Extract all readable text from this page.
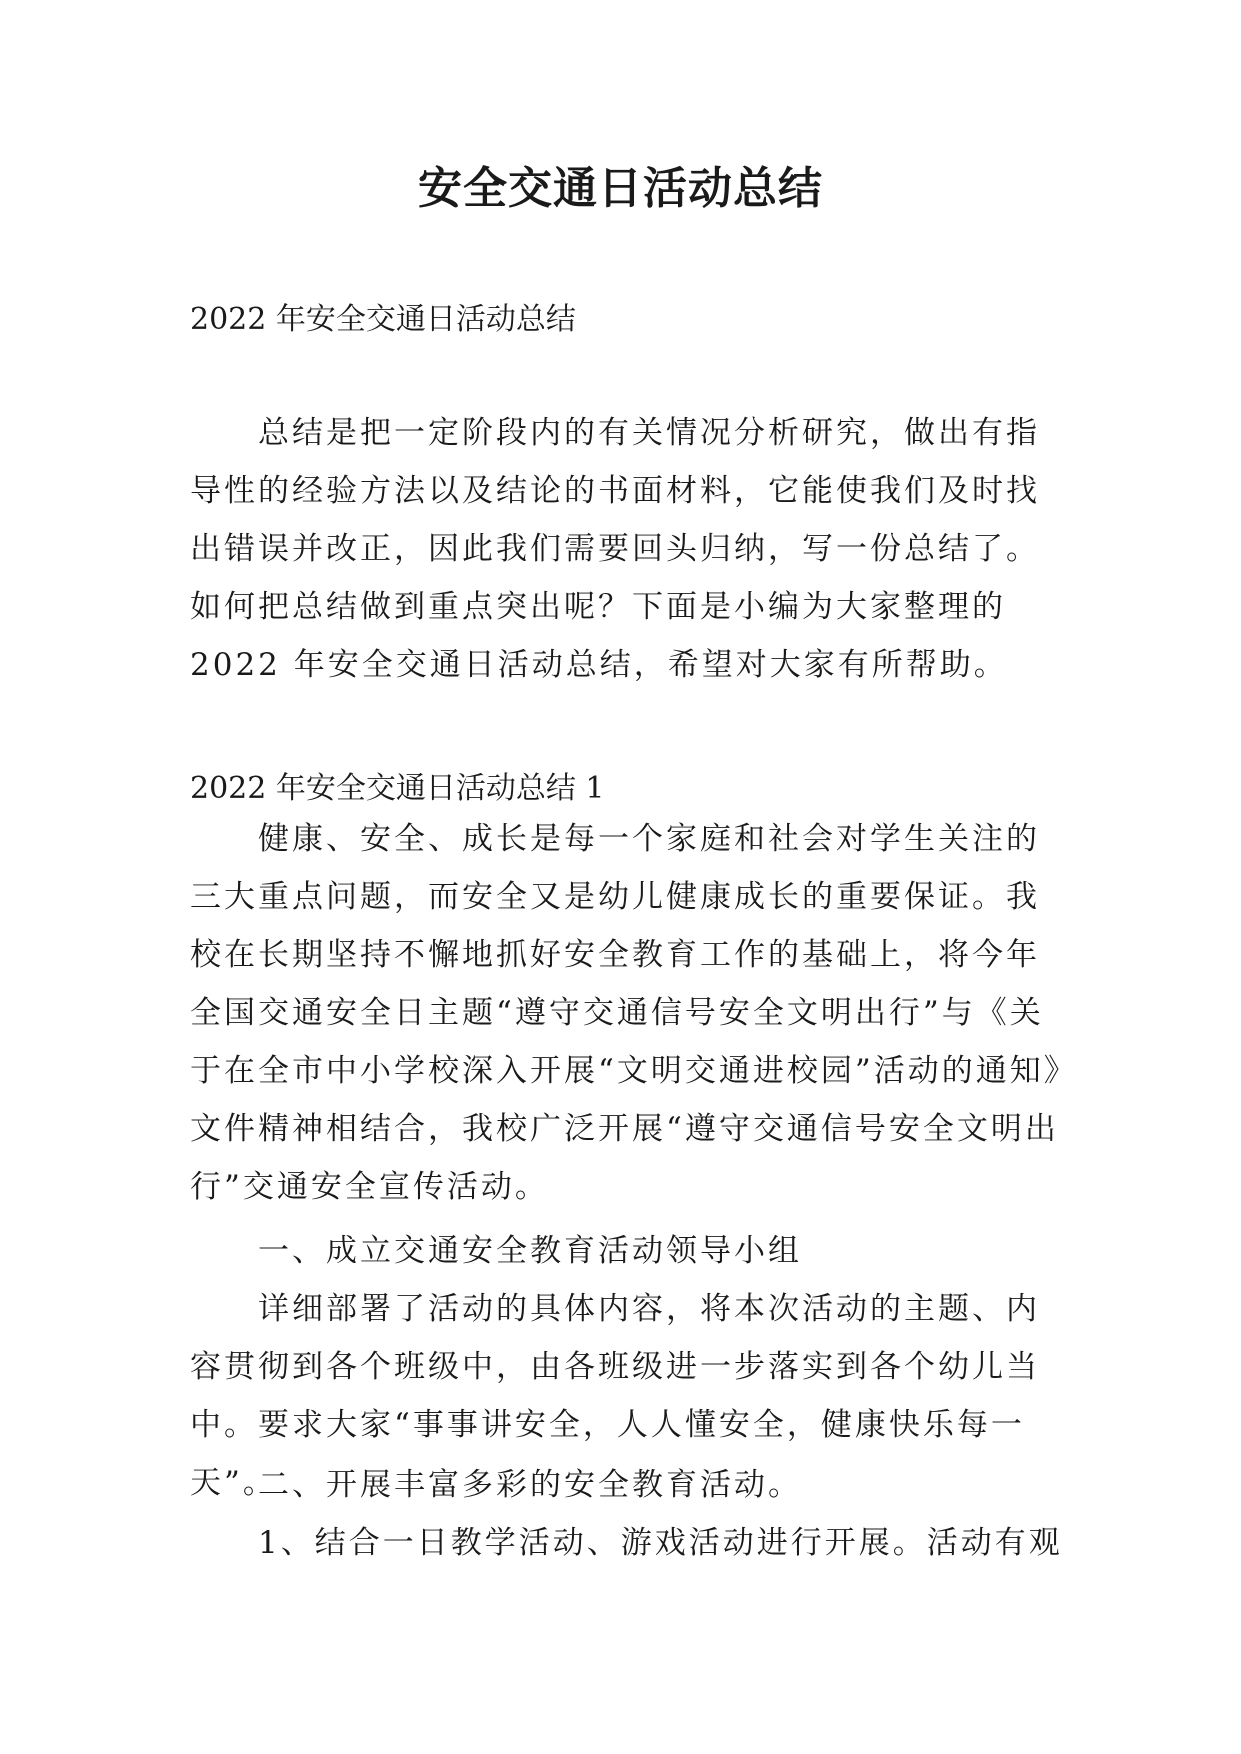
安全交通日活动总结

2022 年安全交通日活动总结

总结是把一定阶段内的有关情况分析研究，做出有指导性的经验方法以及结论的书面材料，它能使我们及时找出错误并改正，因此我们需要回头归纳，写一份总结了。如何把总结做到重点突出呢？下面是小编为大家整理的 2022 年安全交通日活动总结，希望对大家有所帮助。

2022 年安全交通日活动总结 1

健康、安全、成长是每一个家庭和社会对学生关注的三大重点问题，而安全又是幼儿健康成长的重要保证。我校在长期坚持不懈地抓好安全教育工作的基础上，将今年全国交通安全日主题“遵守交通信号安全文明出行”与《关于在全市中小学校深入开展“文明交通进校园”活动的通知》文件精神相结合，我校广泛开展“遵守交通信号安全文明出行”交通安全宣传活动。

一、成立交通安全教育活动领导小组

详细部署了活动的具体内容，将本次活动的主题、内容贯彻到各个班级中，由各班级进一步落实到各个幼儿当中。要求大家“事事讲安全，人人懂安全，健康快乐每一天”。

二、开展丰富多彩的安全教育活动。

1、结合一日教学活动、游戏活动进行开展。活动有观
